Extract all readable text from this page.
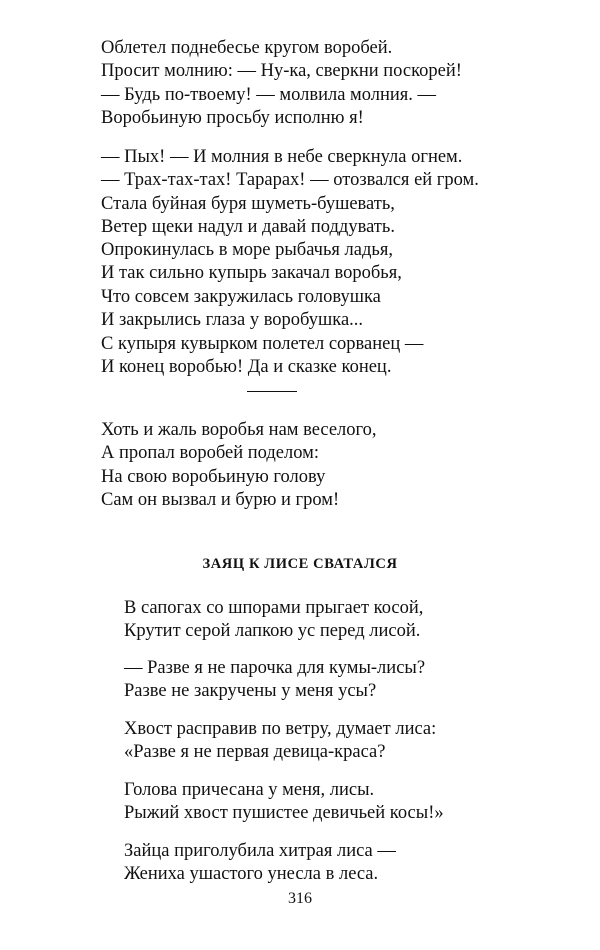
Облетел поднебесье кругом воробей.
Просит молнию: — Ну-ка, сверкни поскорей!
— Будь по-твоему! — молвила молния. —
Воробьиную просьбу исполню я!
— Пых! — И молния в небе сверкнула огнем.
— Трах-тах-тах! Тарарах! — отозвался ей гром.
Стала буйная буря шуметь-бушевать,
Ветер щеки надул и давай поддувать.
Опрокинулась в море рыбачья ладья,
И так сильно купырь закачал воробья,
Что совсем закружилась головушка
И закрылись глаза у воробушка...
С купыря кувырком полетел сорванец —
И конец воробью! Да и сказке конец.
Хоть и жаль воробья нам веселого,
А пропал воробей поделом:
На свою воробьиную голову
Сам он вызвал и бурю и гром!
ЗАЯЦ К ЛИСЕ СВАТАЛСЯ
В сапогах со шпорами прыгает косой,
Крутит серой лапкою ус перед лисой.
— Разве я не парочка для кумы-лисы?
Разве не закручены у меня усы?
Хвост расправив по ветру, думает лиса:
«Разве я не первая девица-краса?
Голова причесана у меня, лисы.
Рыжий хвост пушистее девичьей косы!»
Зайца приголубила хитрая лиса —
Жениха ушастого унесла в леса.
316
